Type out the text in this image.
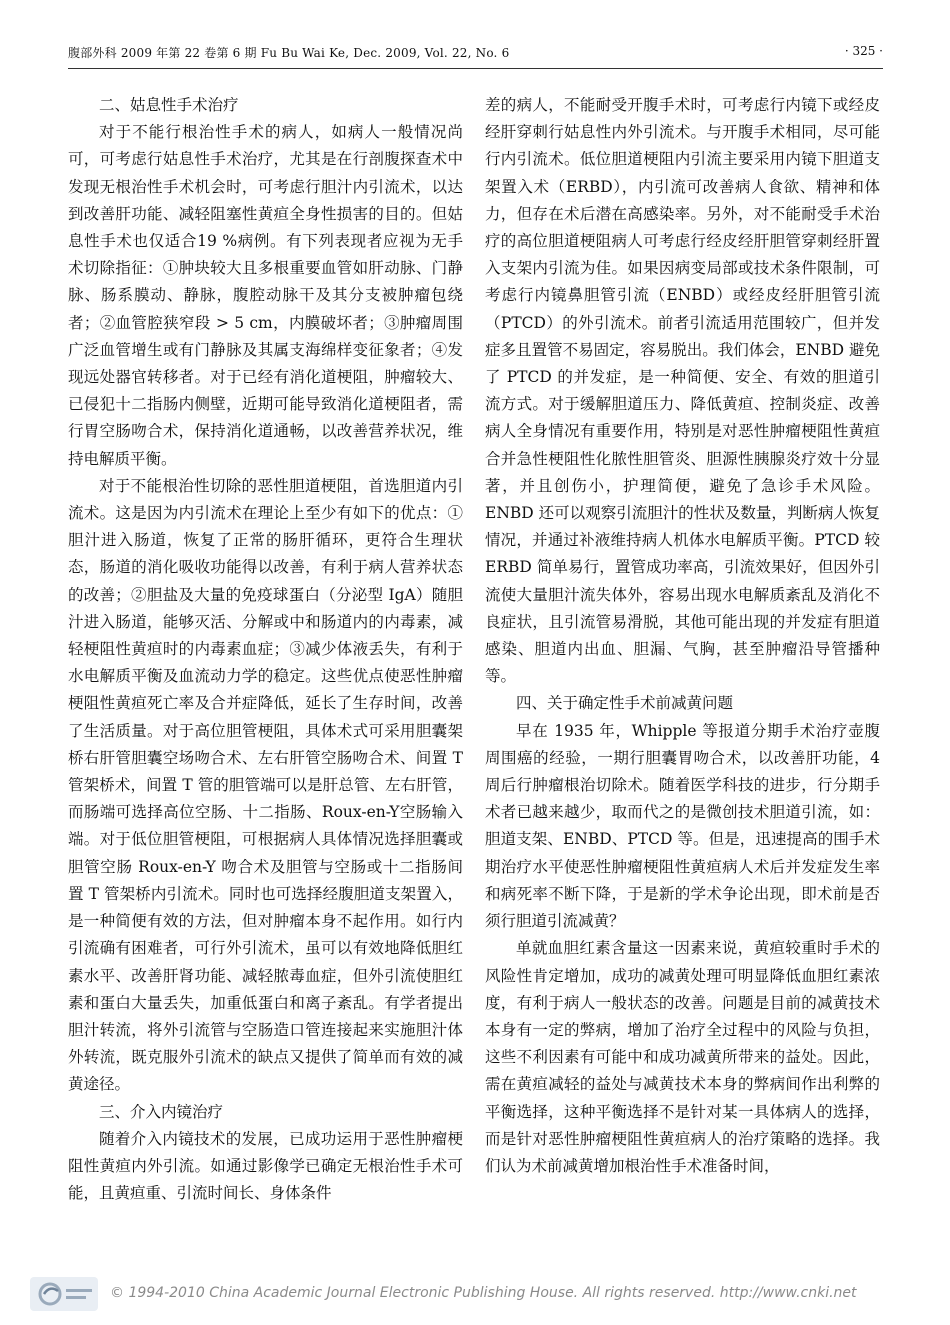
腹部外科 2009 年第 22 卷第 6 期 Fu Bu Wai Ke, Dec. 2009, Vol. 22, No. 6	· 325 ·
二、姑息性手术治疗

对于不能行根治性手术的病人，如病人一般情况尚可，可考虑行姑息性手术治疗，尤其是在行剖腹探查术中发现无根治性手术机会时，可考虑行胆汁内引流术，以达到改善肝功能、减轻阻塞性黄疸全身性损害的目的。但姑息性手术也仅适合19 %病例。有下列表现者应视为无手术切除指征：①肿块较大且多根重要血管如肝动脉、门静脉、肠系膜动、静脉，腹腔动脉干及其分支被肿瘤包绕者；②血管腔狭窄段 > 5 cm，内膜破坏者；③肿瘤周围广泛血管增生或有门静脉及其属支海绵样变征象者；④发现远处器官转移者。对于已经有消化道梗阻，肿瘤较大、已侵犯十二指肠内侧壁，近期可能导致消化道梗阻者，需行胃空肠吻合术，保持消化道通畅，以改善营养状况，维持电解质平衡。

对于不能根治性切除的恶性胆道梗阻，首选胆道内引流术。这是因为内引流术在理论上至少有如下的优点：①胆汁进入肠道，恢复了正常的肠肝循环，更符合生理状态，肠道的消化吸收功能得以改善，有利于病人营养状态的改善；②胆盐及大量的免疫球蛋白（分泌型 IgA）随胆汁进入肠道，能够灭活、分解或中和肠道内的内毒素，减轻梗阻性黄疸时的内毒素血症；③减少体液丢失，有利于水电解质平衡及血流动力学的稳定。这些优点使恶性肿瘤梗阻性黄疸死亡率及合并症降低，延长了生存时间，改善了生活质量。对于高位胆管梗阻，具体术式可采用胆囊架桥右肝管胆囊空场吻合术、左右肝管空肠吻合术、间置 T管架桥术，间置 T 管的胆管端可以是肝总管、左右肝管，而肠端可选择高位空肠、十二指肠、Roux-en-Y空肠输入端。对于低位胆管梗阻，可根据病人具体情况选择胆囊或胆管空肠 Roux-en-Y 吻合术及胆管与空肠或十二指肠间置 T 管架桥内引流术。同时也可选择经腹胆道支架置入，是一种简便有效的方法，但对肿瘤本身不起作用。如行内引流确有困难者，可行外引流术，虽可以有效地降低胆红素水平、改善肝肾功能、减轻脓毒血症，但外引流使胆红素和蛋白大量丢失，加重低蛋白和离子紊乱。有学者提出胆汁转流，将外引流管与空肠造口管连接起来实施胆汁体外转流，既克服外引流术的缺点又提供了简单而有效的减黄途径。

三、介入内镜治疗

随着介入内镜技术的发展，已成功运用于恶性肿瘤梗阻性黄疸内外引流。如通过影像学已确定无根治性手术可能，且黄疸重、引流时间长、身体条件

差的病人，不能耐受开腹手术时，可考虑行内镜下或经皮经肝穿刺行姑息性内外引流术。与开腹手术相同，尽可能行内引流术。低位胆道梗阻内引流主要采用内镜下胆道支架置入术（ERBD），内引流可改善病人食欲、精神和体力，但存在术后潜在高感染率。另外，对不能耐受手术治疗的高位胆道梗阻病人可考虑行经皮经肝胆管穿刺经肝置入支架内引流为佳。如果因病变局部或技术条件限制，可考虑行内镜鼻胆管引流（ENBD）或经皮经肝胆管引流（PTCD）的外引流术。前者引流适用范围较广，但并发症多且置管不易固定，容易脱出。我们体会，ENBD 避免了 PTCD 的并发症，是一种简便、安全、有效的胆道引流方式。对于缓解胆道压力、降低黄疸、控制炎症、改善病人全身情况有重要作用，特别是对恶性肿瘤梗阻性黄疸合并急性梗阻性化脓性胆管炎、胆源性胰腺炎疗效十分显著，并且创伤小，护理简便，避免了急诊手术风险。ENBD 还可以观察引流胆汁的性状及数量，判断病人恢复情况，并通过补液维持病人机体水电解质平衡。PTCD 较 ERBD 简单易行，置管成功率高，引流效果好，但因外引流使大量胆汁流失体外，容易出现水电解质紊乱及消化不良症状，且引流管易滑脱，其他可能出现的并发症有胆道感染、胆道内出血、胆漏、气胸，甚至肿瘤沿导管播种等。

四、关于确定性手术前减黄问题

早在 1935 年，Whipple 等报道分期手术治疗壶腹周围癌的经验，一期行胆囊胃吻合术，以改善肝功能，4 周后行肿瘤根治切除术。随着医学科技的进步，行分期手术者已越来越少，取而代之的是微创技术胆道引流，如：胆道支架、ENBD、PTCD 等。但是，迅速提高的围手术期治疗水平使恶性肿瘤梗阻性黄疸病人术后并发症发生率和病死率不断下降，于是新的学术争论出现，即术前是否须行胆道引流减黄？

单就血胆红素含量这一因素来说，黄疸较重时手术的风险性肯定增加，成功的减黄处理可明显降低血胆红素浓度，有利于病人一般状态的改善。问题是目前的减黄技术本身有一定的弊病，增加了治疗全过程中的风险与负担，这些不利因素有可能中和成功减黄所带来的益处。因此，需在黄疸减轻的益处与减黄技术本身的弊病间作出利弊的平衡选择，这种平衡选择不是针对某一具体病人的选择，而是针对恶性肿瘤梗阻性黄疸病人的治疗策略的选择。我们认为术前减黄增加根治性手术准备时间，

© 1994-2010 China Academic Journal Electronic Publishing House. All rights reserved. http://www.cnki.net
